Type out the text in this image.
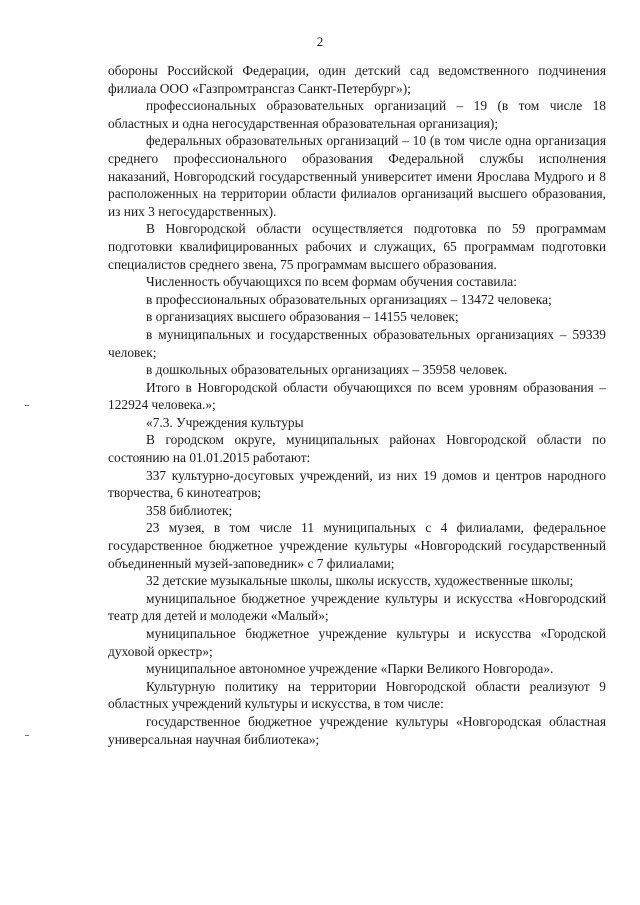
2

обороны Российской Федерации, один детский сад ведомственного подчинения филиала ООО «Газпромтрансгаз Санкт-Петербург»);

профессиональных образовательных организаций – 19 (в том числе 18 областных и одна негосударственная образовательная организация);

федеральных образовательных организаций – 10 (в том числе одна организация среднего профессионального образования Федеральной службы исполнения наказаний, Новгородский государственный университет имени Ярослава Мудрого и 8 расположенных на территории области филиалов организаций высшего образования, из них 3 негосударственных).

В Новгородской области осуществляется подготовка по 59 программам подготовки квалифицированных рабочих и служащих, 65 программам подготовки специалистов среднего звена, 75 программам высшего образования.

Численность обучающихся по всем формам обучения составила:

в профессиональных образовательных организациях – 13472 человека;

в организациях высшего образования – 14155 человек;

в муниципальных и государственных образовательных организациях – 59339 человек;

в дошкольных образовательных организациях – 35958 человек.

Итого в Новгородской области обучающихся по всем уровням образования – 122924 человека.»;

«7.3. Учреждения культуры

В городском округе, муниципальных районах Новгородской области по состоянию на 01.01.2015 работают:

337 культурно-досуговых учреждений, из них 19 домов и центров народного творчества, 6 кинотеатров;

358 библиотек;

23 музея, в том числе 11 муниципальных с 4 филиалами, федеральное государственное бюджетное учреждение культуры «Новгородский государственный объединенный музей-заповедник» с 7 филиалами;

32 детские музыкальные школы, школы искусств, художественные школы;

муниципальное бюджетное учреждение культуры и искусства «Новгородский театр для детей и молодежи «Малый»;

муниципальное бюджетное учреждение культуры и искусства «Городской духовой оркестр»;

муниципальное автономное учреждение «Парки Великого Новгорода».

Культурную политику на территории Новгородской области реализуют 9 областных учреждений культуры и искусства, в том числе:

государственное бюджетное учреждение культуры «Новгородская областная универсальная научная библиотека»;
